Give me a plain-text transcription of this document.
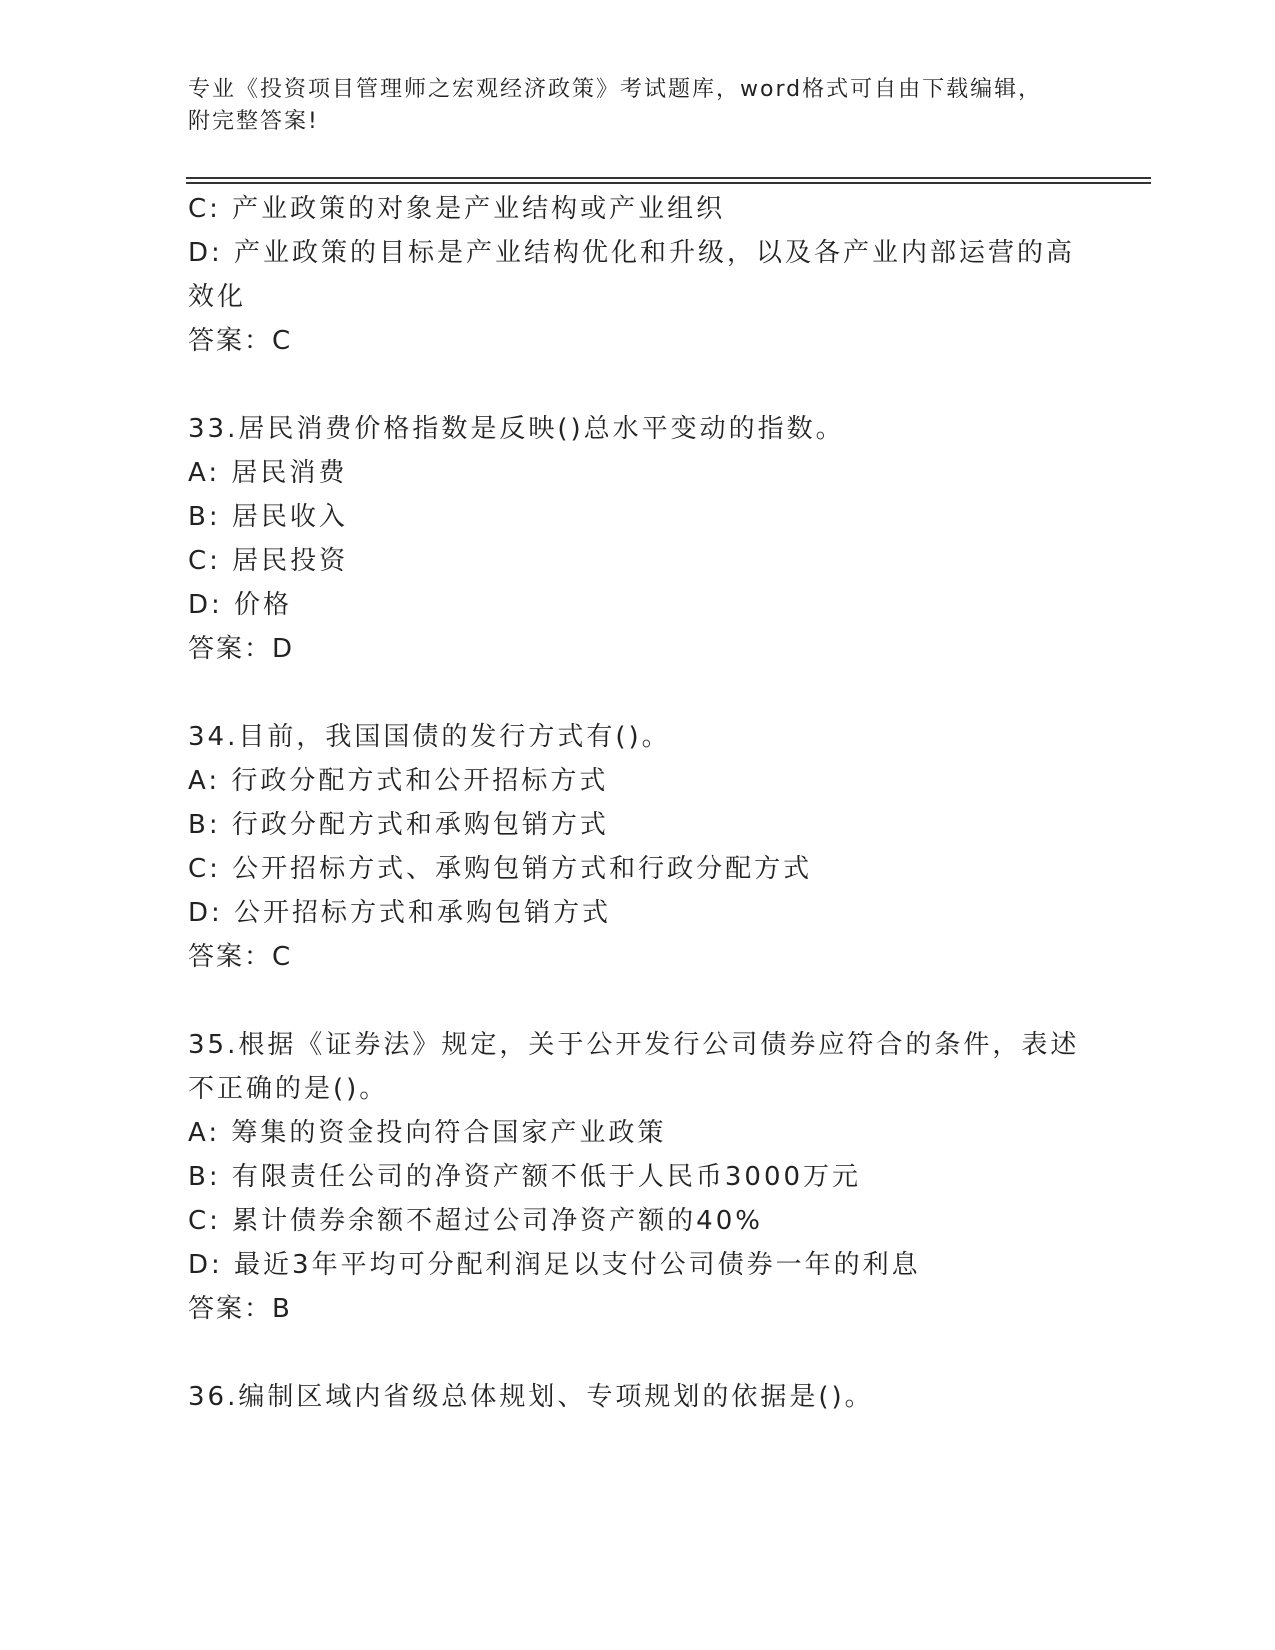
专业《投资项目管理师之宏观经济政策》考试题库，word格式可自由下载编辑，
附完整答案!
C: 产业政策的对象是产业结构或产业组织
D: 产业政策的目标是产业结构优化和升级，以及各产业内部运营的高
效化
答案：C
33.居民消费价格指数是反映()总水平变动的指数。
A: 居民消费
B: 居民收入
C: 居民投资
D: 价格
答案：D
34.目前，我国国债的发行方式有()。
A: 行政分配方式和公开招标方式
B: 行政分配方式和承购包销方式
C: 公开招标方式、承购包销方式和行政分配方式
D: 公开招标方式和承购包销方式
答案：C
35.根据《证券法》规定，关于公开发行公司债券应符合的条件，表述
不正确的是()。
A: 筹集的资金投向符合国家产业政策
B: 有限责任公司的净资产额不低于人民币3000万元
C: 累计债券余额不超过公司净资产额的40%
D: 最近3年平均可分配利润足以支付公司债券一年的利息
答案：B
36.编制区域内省级总体规划、专项规划的依据是()。
